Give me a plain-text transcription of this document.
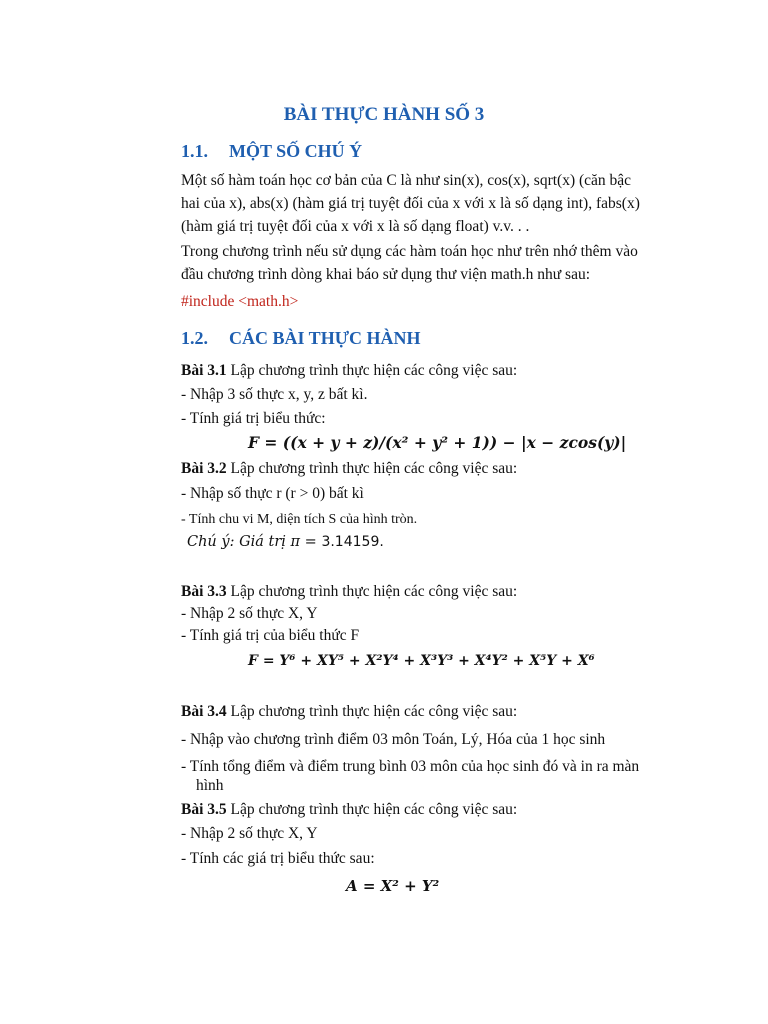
BÀI THỰC HÀNH SỐ 3
1.1. MỘT SỐ CHÚ Ý
Một số hàm toán học cơ bản của C là như sin(x), cos(x), sqrt(x) (căn bậc
hai của x), abs(x) (hàm giá trị tuyệt đối của x với x là số dạng int), fabs(x)
(hàm giá trị tuyệt đối của x với x là số dạng float) v.v. . .
Trong chương trình nếu sử dụng các hàm toán học như trên nhớ thêm vào
đầu chương trình dòng khai báo sử dụng thư viện math.h như sau:
#include <math.h>
1.2. CÁC BÀI THỰC HÀNH
Bài 3.1 Lập chương trình thực hiện các công việc sau:
- Nhập 3 số thực x, y, z bất kì.
- Tính giá trị biểu thức:
F = ((x + y + z)/(x² + y² + 1)) − |x − zcos(y)|
Bài 3.2 Lập chương trình thực hiện các công việc sau:
- Nhập số thực r (r > 0) bất kì
- Tính chu vi M, diện tích S của hình tròn.
Chú ý: Giá trị π = 3.14159.
Bài 3.3 Lập chương trình thực hiện các công việc sau:
- Nhập 2 số thực X, Y
- Tính giá trị của biểu thức F
F = Y⁶ + XY⁵ + X²Y⁴ + X³Y³ + X⁴Y² + X⁵Y + X⁶
Bài 3.4 Lập chương trình thực hiện các công việc sau:
- Nhập vào chương trình điểm 03 môn Toán, Lý, Hóa của 1 học sinh
- Tính tổng điểm và điểm trung bình 03 môn của học sinh đó và in ra màn
hình
Bài 3.5 Lập chương trình thực hiện các công việc sau:
- Nhập 2 số thực X, Y
- Tính các giá trị biểu thức sau:
A = X² + Y²
